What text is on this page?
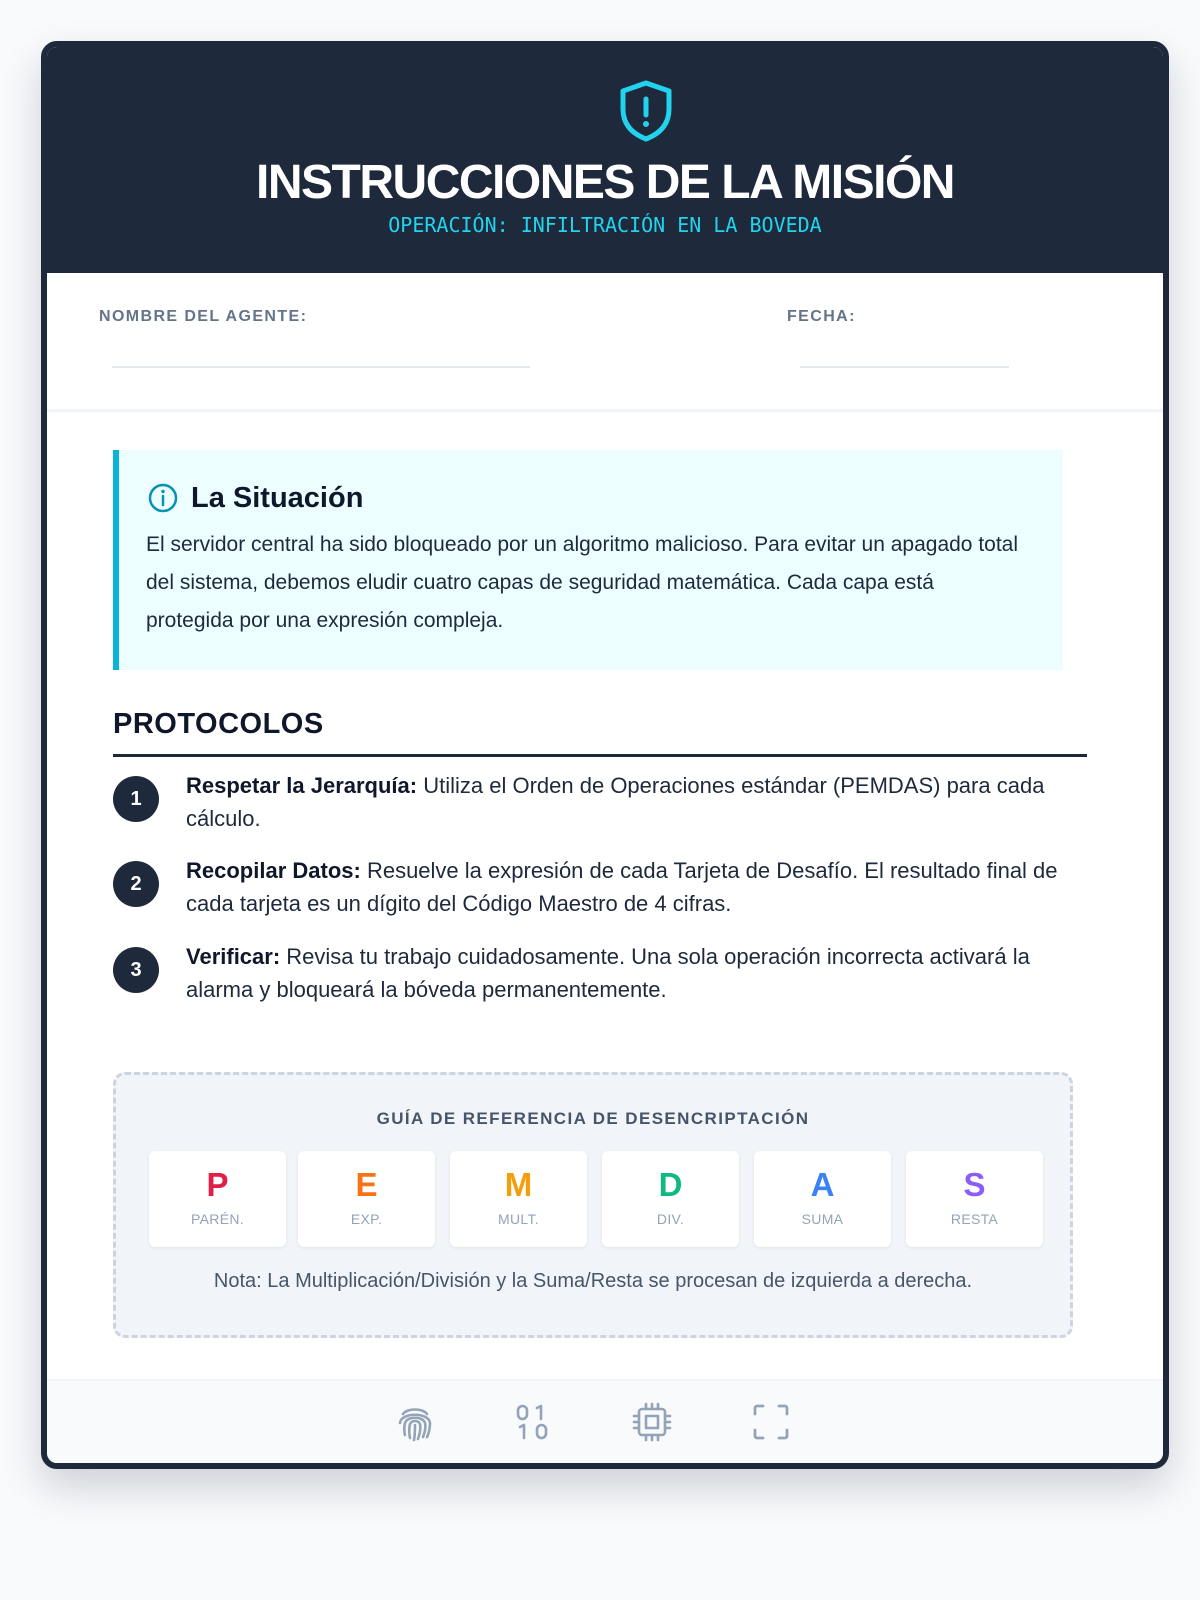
INSTRUCCIONES DE LA MISIÓN
OPERACIÓN: INFILTRACIÓN EN LA BOVEDA
NOMBRE DEL AGENTE:	FECHA:
La Situación
El servidor central ha sido bloqueado por un algoritmo malicioso. Para evitar un apagado total del sistema, debemos eludir cuatro capas de seguridad matemática. Cada capa está protegida por una expresión compleja.
PROTOCOLOS
1
Respetar la Jerarquía: Utiliza el Orden de Operaciones estándar (PEMDAS) para cada cálculo.
2
Recopilar Datos: Resuelve la expresión de cada Tarjeta de Desafío. El resultado final de cada tarjeta es un dígito del Código Maestro de 4 cifras.
3
Verificar: Revisa tu trabajo cuidadosamente. Una sola operación incorrecta activará la alarma y bloqueará la bóveda permanentemente.
GUÍA DE REFERENCIA DE DESENCRIPTACIÓN
P
PARÉN.
E
EXP.
M
MULT.
D
DIV.
A
SUMA
S
RESTA
Nota: La Multiplicación/División y la Suma/Resta se procesan de izquierda a derecha.
